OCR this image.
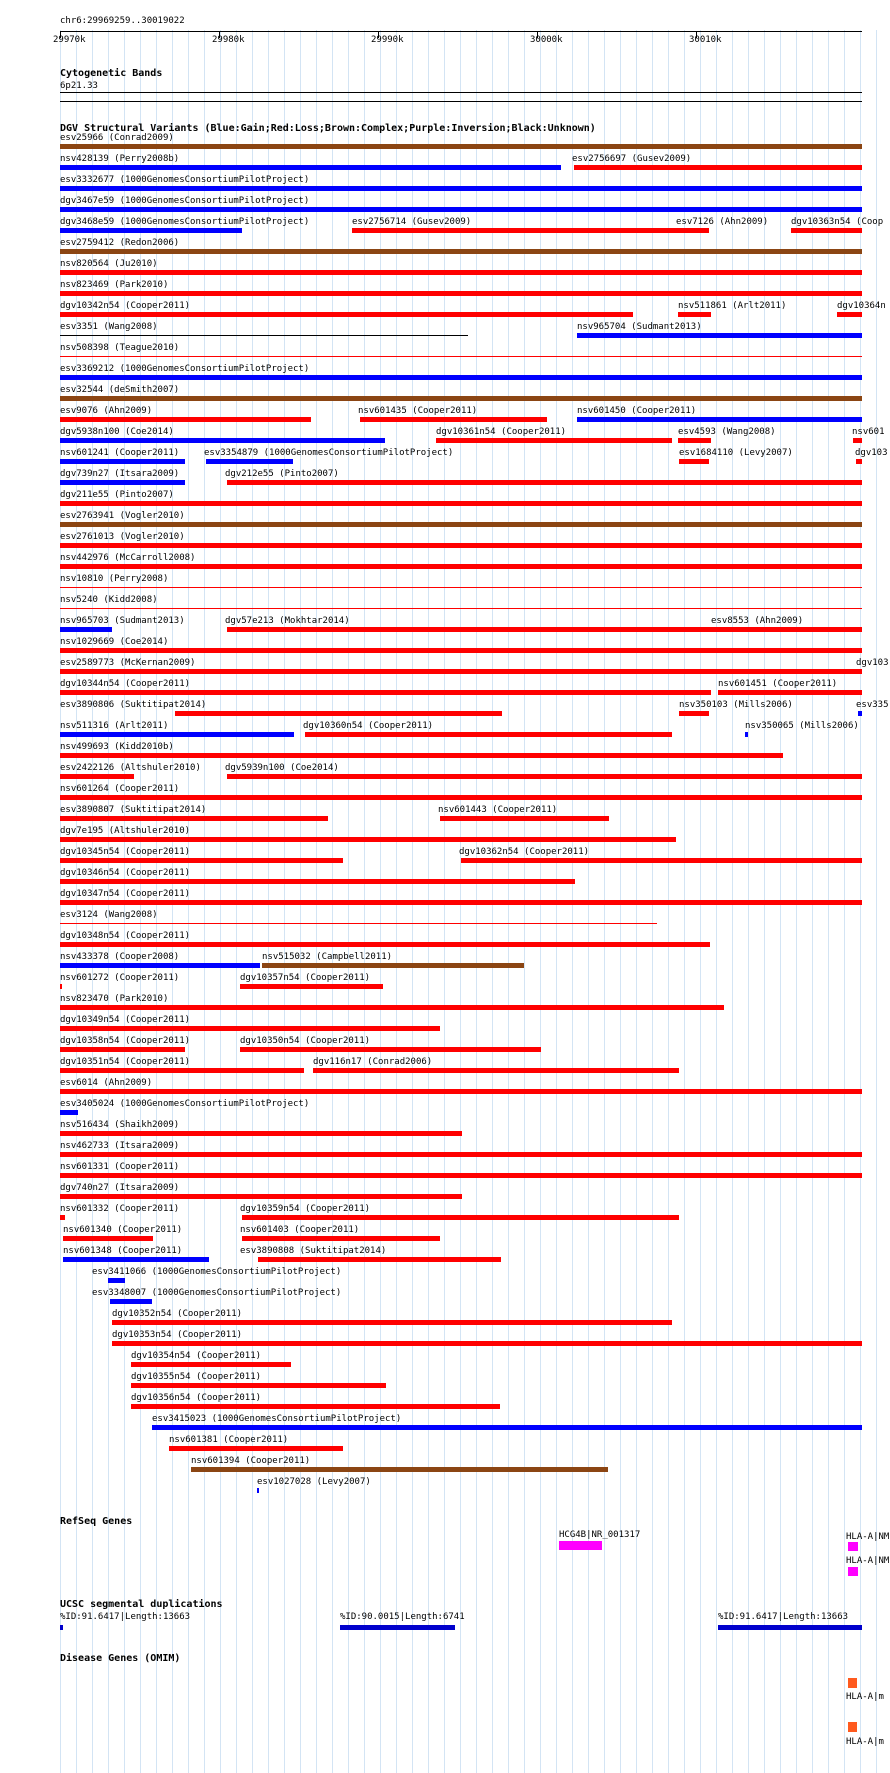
chr6:29969259..30019022
29970k	29980k	29990k	30000k	30010k
Cytogenetic Bands
6p21.33
DGV Structural Variants (Blue:Gain;Red:Loss;Brown:Complex;Purple:Inversion;Black:Unknown)
esv25966 (Conrad2009)
nsv428139 (Perry2008b)	esv2756697 (Gusev2009)
esv3332677 (1000GenomesConsortiumPilotProject)
dgv3467e59 (1000GenomesConsortiumPilotProject)
dgv3468e59 (1000GenomesConsortiumPilotProject)	esv2756714 (Gusev2009)	esv7126 (Ahn2009)	dgv10363n54 (Coop
esv2759412 (Redon2006)
nsv820564 (Ju2010)
nsv823469 (Park2010)
dgv10342n54 (Cooper2011)	nsv511861 (Arlt2011)	dgv10364n
esv3351 (Wang2008)	nsv965704 (Sudmant2013)
nsv508398 (Teague2010)
esv3369212 (1000GenomesConsortiumPilotProject)
esv32544 (deSmith2007)
esv9076 (Ahn2009)	nsv601435 (Cooper2011)	nsv601450 (Cooper2011)
dgv5938n100 (Coe2014)	dgv10361n54 (Cooper2011)	esv4593 (Wang2008)	nsv601
nsv601241 (Cooper2011)	esv3354879 (1000GenomesConsortiumPilotProject)	esv1684110 (Levy2007)	dgv103
dgv739n27 (Itsara2009)	dgv212e55 (Pinto2007)
dgv211e55 (Pinto2007)
esv2763941 (Vogler2010)
esv2761013 (Vogler2010)
nsv442976 (McCarroll2008)
nsv10810 (Perry2008)
nsv5240 (Kidd2008)
nsv965703 (Sudmant2013)	dgv57e213 (Mokhtar2014)	esv8553 (Ahn2009)
nsv1029669 (Coe2014)
esv2589773 (McKernan2009)	dgv103
dgv10344n54 (Cooper2011)	nsv601451 (Cooper2011)
esv3890806 (Suktitipat2014)	nsv350103 (Mills2006)	esv335
nsv511316 (Arlt2011)	dgv10360n54 (Cooper2011)	nsv350065 (Mills2006)
nsv499693 (Kidd2010b)
esv2422126 (Altshuler2010)	dgv5939n100 (Coe2014)
nsv601264 (Cooper2011)
esv3890807 (Suktitipat2014)	nsv601443 (Cooper2011)
dgv7e195 (Altshuler2010)
dgv10345n54 (Cooper2011)	dgv10362n54 (Cooper2011)
dgv10346n54 (Cooper2011)
dgv10347n54 (Cooper2011)
esv3124 (Wang2008)
dgv10348n54 (Cooper2011)
nsv433378 (Cooper2008)	nsv515032 (Campbell2011)
nsv601272 (Cooper2011)	dgv10357n54 (Cooper2011)
nsv823470 (Park2010)
dgv10349n54 (Cooper2011)
dgv10350n54 (Cooper2011)
dgv10358n54 (Cooper2011)
dgv10351n54 (Cooper2011)	dgv116n17 (Conrad2006)
esv6014 (Ahn2009)
esv3405024 (1000GenomesConsortiumPilotProject)
nsv516434 (Shaikh2009)
nsv462733 (Itsara2009)
nsv601331 (Cooper2011)
dgv740n27 (Itsara2009)
nsv601332 (Cooper2011)	dgv10359n54 (Cooper2011)
nsv601340 (Cooper2011)	nsv601403 (Cooper2011)
nsv601348 (Cooper2011)	esv3890808 (Suktitipat2014)
esv3411066 (1000GenomesConsortiumPilotProject)
esv3348007 (1000GenomesConsortiumPilotProject)
dgv10352n54 (Cooper2011)
dgv10353n54 (Cooper2011)
dgv10354n54 (Cooper2011)
dgv10355n54 (Cooper2011)
dgv10356n54 (Cooper2011)
esv3415023 (1000GenomesConsortiumPilotProject)
nsv601381 (Cooper2011)
nsv601394 (Cooper2011)
esv1027028 (Levy2007)
RefSeq Genes
HCG4B|NR_001317	HLA-A|NM
HLA-A|NM
UCSC segmental duplications
%ID:91.6417|Length:13663	%ID:90.0015|Length:6741	%ID:91.6417|Length:13663
Disease Genes (OMIM)
HLA-A|m
HLA-A|m
